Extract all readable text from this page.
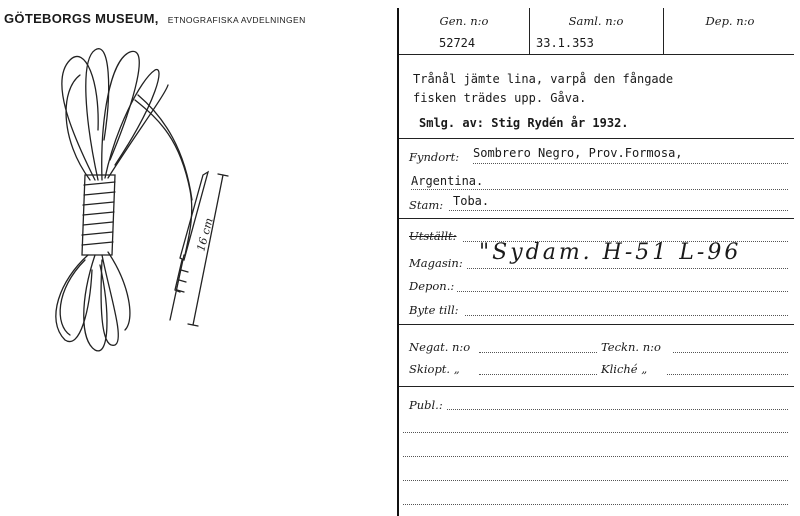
GÖTEBORGS MUSEUM, ETNOGRAFISKA AVDELNINGEN
16 cm
Gen. n:o
52724
Saml. n:o
33.1.353
Dep. n:o
Trånål jämte lina, varpå den fångade
fisken trädes upp. Gåva.
Smlg. av: Stig Rydén år 1932.
Fyndort: Sombrero Negro, Prov.Formosa,
Argentina.
Stam: Toba.
Utställt:
Magasin: "Sydam. H-51 L-96
Depon.:
Byte till:
Negat. n:o	Teckn. n:o
Skiopt. „	Kliché „
Publ.:
